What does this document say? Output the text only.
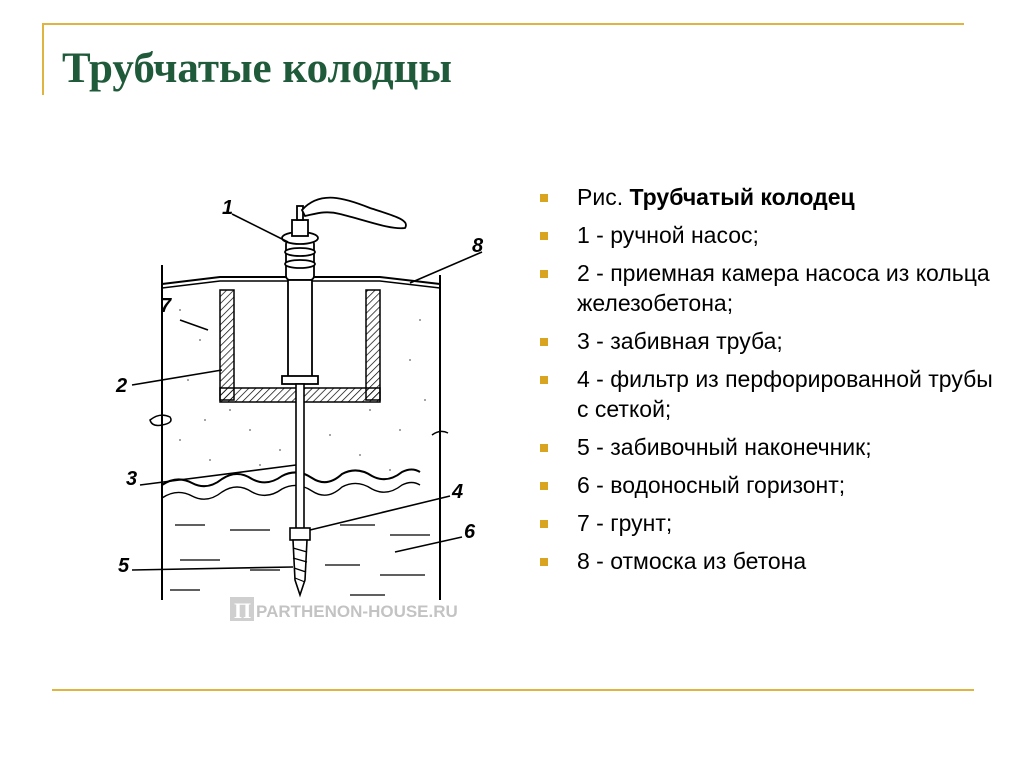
Трубчатые колодцы
1
2
3
4
5
6
7
8
П PARTHENON-HOUSE.RU
Рис. Трубчатый колодец
1 - ручной насос;
2 - приемная камера насоса из кольца железобетона;
3 - забивная труба;
4 - фильтр из перфорированной трубы с сеткой;
5 - забивочный наконечник;
6 - водоносный горизонт;
7 - грунт;
8 - отмоска из бетона
